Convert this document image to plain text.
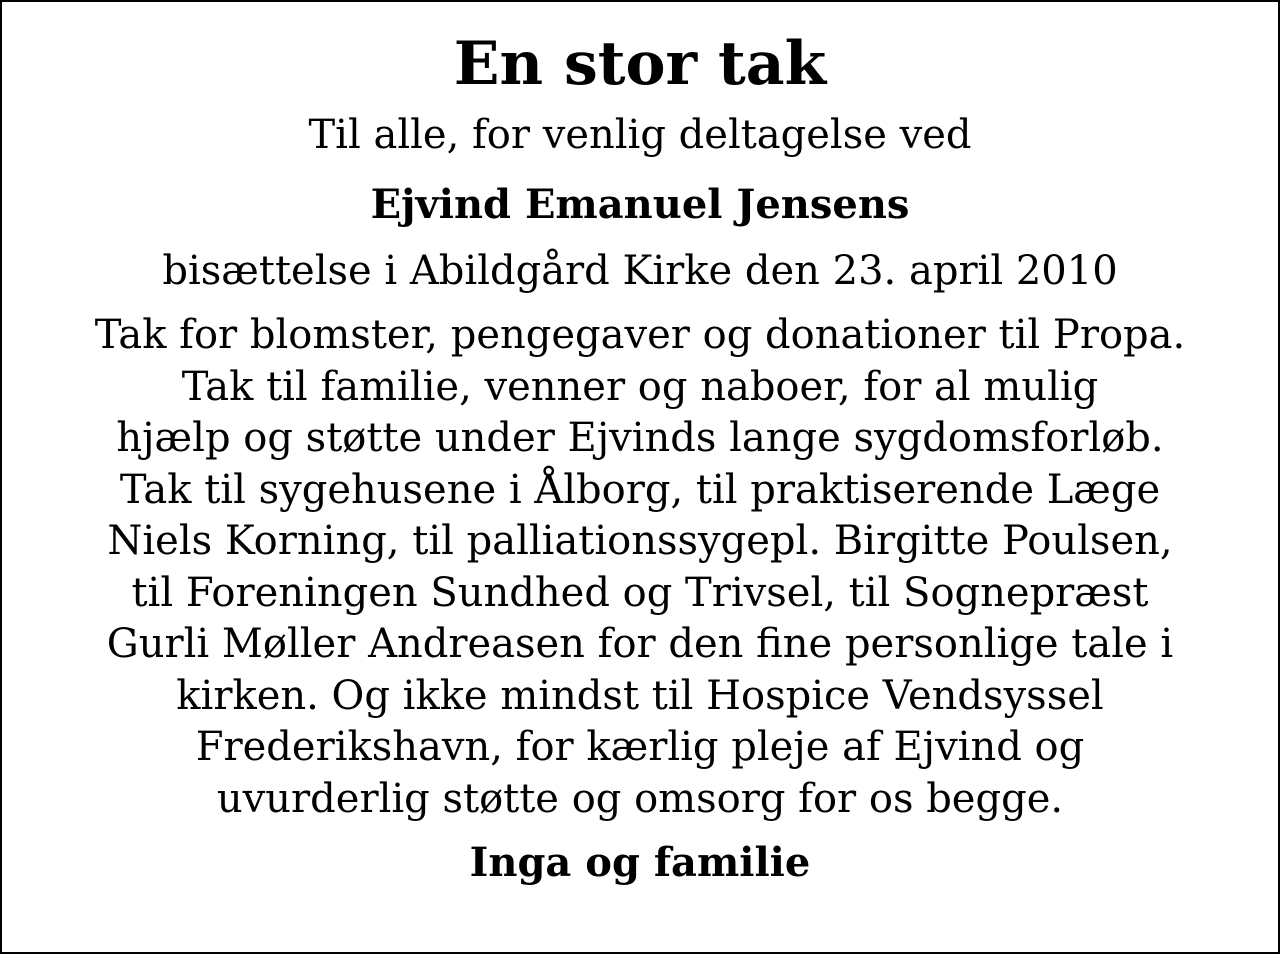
En stor tak

Til alle, for venlig deltagelse ved

Ejvind Emanuel Jensens

bisættelse i Abildgård Kirke den 23. april 2010

Tak for blomster, pengegaver og donationer til Propa.
Tak til familie, venner og naboer, for al mulig
hjælp og støtte under Ejvinds lange sygdomsforløb.
Tak til sygehusene i Ålborg, til praktiserende Læge
Niels Korning, til palliationssygepl. Birgitte Poulsen,
til Foreningen Sundhed og Trivsel, til Sognepræst
Gurli Møller Andreasen for den fine personlige tale i
kirken. Og ikke mindst til Hospice Vendsyssel
Frederikshavn, for kærlig pleje af Ejvind og
uvurderlig støtte og omsorg for os begge.

Inga og familie
